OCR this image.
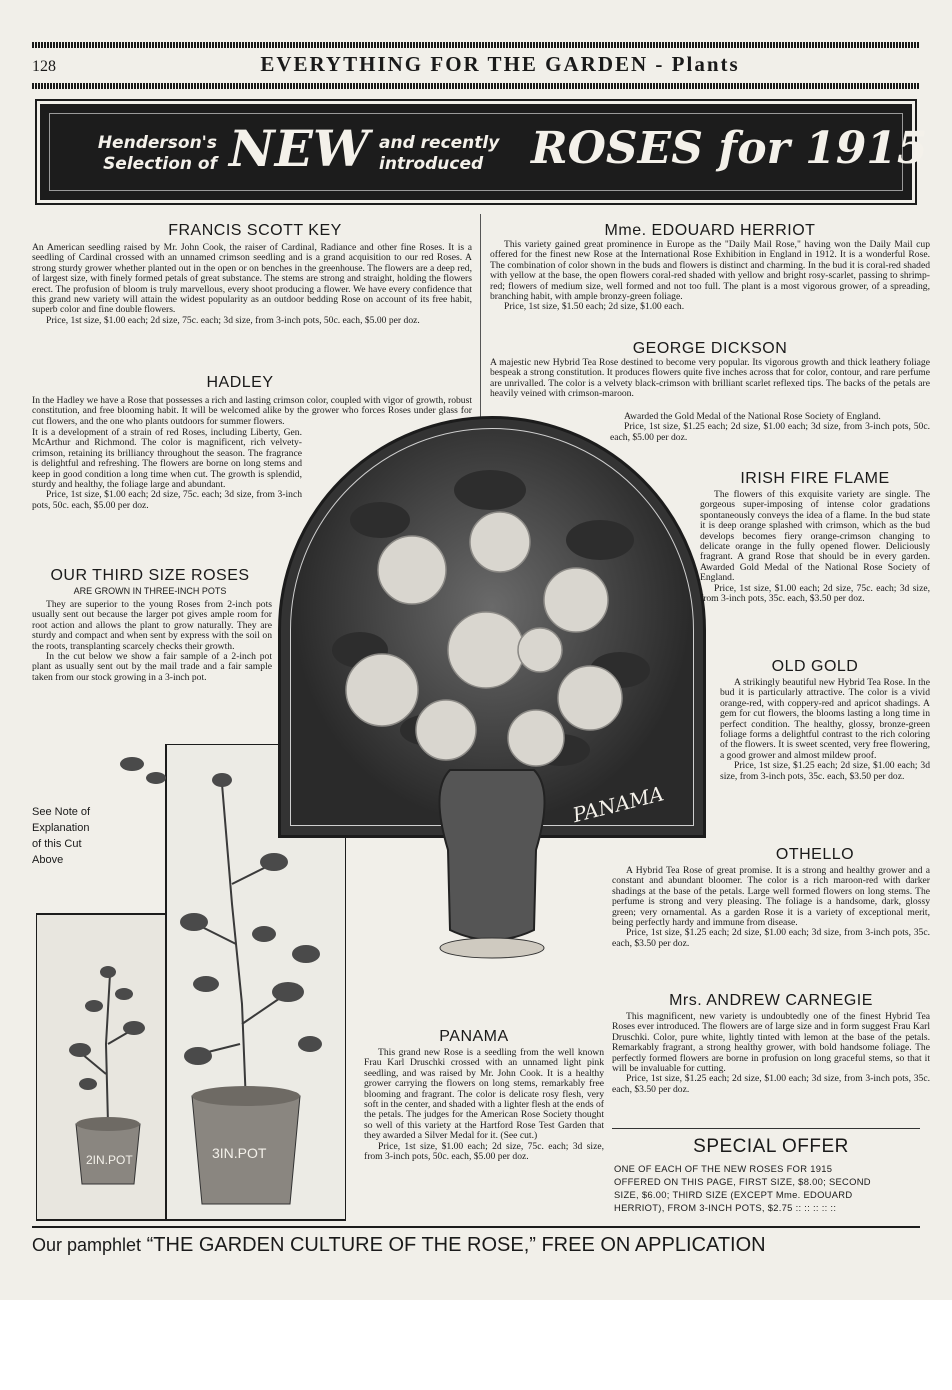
128	EVERYTHING FOR THE GARDEN - Plants
Henderson's
Selection of NEW and recently
introduced	ROSES for 1915
FRANCIS SCOTT KEY
An American seedling raised by Mr. John Cook, the raiser of Cardinal, Radiance and other fine Roses. It is a seedling of Cardinal crossed with an unnamed crimson seedling and is a grand acquisition to our red Roses. A strong sturdy grower whether planted out in the open or on benches in the greenhouse. The flowers are a deep red, of largest size, with finely formed petals of great substance. The stems are strong and straight, holding the flowers erect. The profusion of bloom is truly marvellous, every shoot producing a flower. We have every confidence that this grand new variety will attain the widest popularity as an outdoor bedding Rose on account of its free habit, superb color and fine double flowers.
Price, 1st size, $1.00 each; 2d size, 75c. each; 3d size, from 3-inch pots, 50c. each, $5.00 per doz.
HADLEY
In the Hadley we have a Rose that possesses a rich and lasting crimson color, coupled with vigor of growth, robust constitution, and free blooming habit. It will be welcomed alike by the grower who forces Roses under glass for cut flowers, and the one who plants outdoors for summer flowers.
It is a development of a strain of red Roses, including Liberty, Gen. McArthur and Richmond. The color is magnificent, rich velvety-crimson, retaining its brilliancy throughout the season. The fragrance is delightful and refreshing. The flowers are borne on long stems and keep in good condition a long time when cut. The growth is splendid, sturdy and healthy, the foliage large and abundant.
Price, 1st size, $1.00 each; 2d size, 75c. each; 3d size, from 3-inch pots, 50c. each, $5.00 per doz.
OUR THIRD SIZE ROSES
ARE GROWN IN THREE-INCH POTS
They are superior to the young Roses from 2-inch pots usually sent out because the larger pot gives ample room for root action and allows the plant to grow naturally. They are sturdy and compact and when sent by express with the soil on the roots, transplanting scarcely checks their growth.
In the cut below we show a fair sample of a 2-inch pot plant as usually sent out by the mail trade and a fair sample taken from our stock growing in a 3-inch pot.
See Note of
Explanation
of this Cut
Above
2IN.POT	3IN.POT
PANAMA
PANAMA
This grand new Rose is a seedling from the well known Frau Karl Druschki crossed with an unnamed light pink seedling, and was raised by Mr. John Cook. It is a healthy grower carrying the flowers on long stems, remarkably free blooming and fragrant. The color is delicate rosy flesh, very soft in the center, and shaded with a lighter flesh at the ends of the petals. The judges for the American Rose Society thought so well of this variety at the Hartford Rose Test Garden that they awarded a Silver Medal for it. (See cut.)
Price, 1st size, $1.00 each; 2d size, 75c. each; 3d size, from 3-inch pots, 50c. each, $5.00 per doz.
Mme. EDOUARD HERRIOT
This variety gained great prominence in Europe as the "Daily Mail Rose," having won the Daily Mail cup offered for the finest new Rose at the International Rose Exhibition in England in 1912. It is a wonderful Rose. The combination of color shown in the buds and flowers is distinct and charming. In the bud it is coral-red shaded with yellow at the base, the open flowers coral-red shaded with yellow and bright rosy-scarlet, passing to shrimp-red; flowers of medium size, well formed and not too full. The plant is a most vigorous grower, of a spreading, branching habit, with ample bronzy-green foliage.
Price, 1st size, $1.50 each; 2d size, $1.00 each.
GEORGE DICKSON
A majestic new Hybrid Tea Rose destined to become very popular. Its vigorous growth and thick leathery foliage bespeak a strong constitution. It produces flowers quite five inches across that for color, contour, and rare perfume are unrivalled. The color is a velvety black-crimson with brilliant scarlet reflexed tips. The backs of the petals are heavily veined with crimson-maroon.
Awarded the Gold Medal of the National Rose Society of England.
Price, 1st size, $1.25 each; 2d size, $1.00 each; 3d size, from 3-inch pots, 50c. each, $5.00 per doz.
IRISH FIRE FLAME
The flowers of this exquisite variety are single. The gorgeous super-imposing of intense color gradations spontaneously conveys the idea of a flame. In the bud state it is deep orange splashed with crimson, which as the bud develops becomes fiery orange-crimson changing to delicate orange in the fully opened flower. Deliciously fragrant. A grand Rose that should be in every garden. Awarded Gold Medal of the National Rose Society of England.
Price, 1st size, $1.00 each; 2d size, 75c. each; 3d size, from 3-inch pots, 35c. each, $3.50 per doz.
OLD GOLD
A strikingly beautiful new Hybrid Tea Rose. In the bud it is particularly attractive. The color is a vivid orange-red, with coppery-red and apricot shadings. A gem for cut flowers, the blooms lasting a long time in perfect condition. The healthy, glossy, bronze-green foliage forms a delightful contrast to the rich coloring of the flowers. It is sweet scented, very free flowering, a good grower and almost mildew proof.
Price, 1st size, $1.25 each; 2d size, $1.00 each; 3d size, from 3-inch pots, 35c. each, $3.50 per doz.
OTHELLO
A Hybrid Tea Rose of great promise. It is a strong and healthy grower and a constant and abundant bloomer. The color is a rich maroon-red with darker shadings at the base of the petals. Large well formed flowers on long stems. The perfume is strong and very pleasing. The foliage is a handsome, dark, glossy green; very ornamental. As a garden Rose it is a variety of exceptional merit, being perfectly hardy and immune from disease.
Price, 1st size, $1.25 each; 2d size, $1.00 each; 3d size, from 3-inch pots, 35c. each, $3.50 per doz.
Mrs. ANDREW CARNEGIE
This magnificent, new variety is undoubtedly one of the finest Hybrid Tea Roses ever introduced. The flowers are of large size and in form suggest Frau Karl Druschki. Color, pure white, lightly tinted with lemon at the base of the petals. Remarkably fragrant, a strong healthy grower, with bold handsome foliage. The perfectly formed flowers are borne in profusion on long graceful stems, so that it will be invaluable for cutting.
Price, 1st size, $1.25 each; 2d size, $1.00 each; 3d size, from 3-inch pots, 35c. each, $3.50 per doz.
SPECIAL OFFER
ONE OF EACH OF THE NEW ROSES FOR 1915
OFFERED ON THIS PAGE, FIRST SIZE, $8.00; SECOND
SIZE, $6.00; THIRD SIZE (EXCEPT Mme. EDOUARD
HERRIOT), FROM 3-INCH POTS, $2.75 :: :: :: :: ::
Our pamphlet “THE GARDEN CULTURE OF THE ROSE,” FREE ON APPLICATION
